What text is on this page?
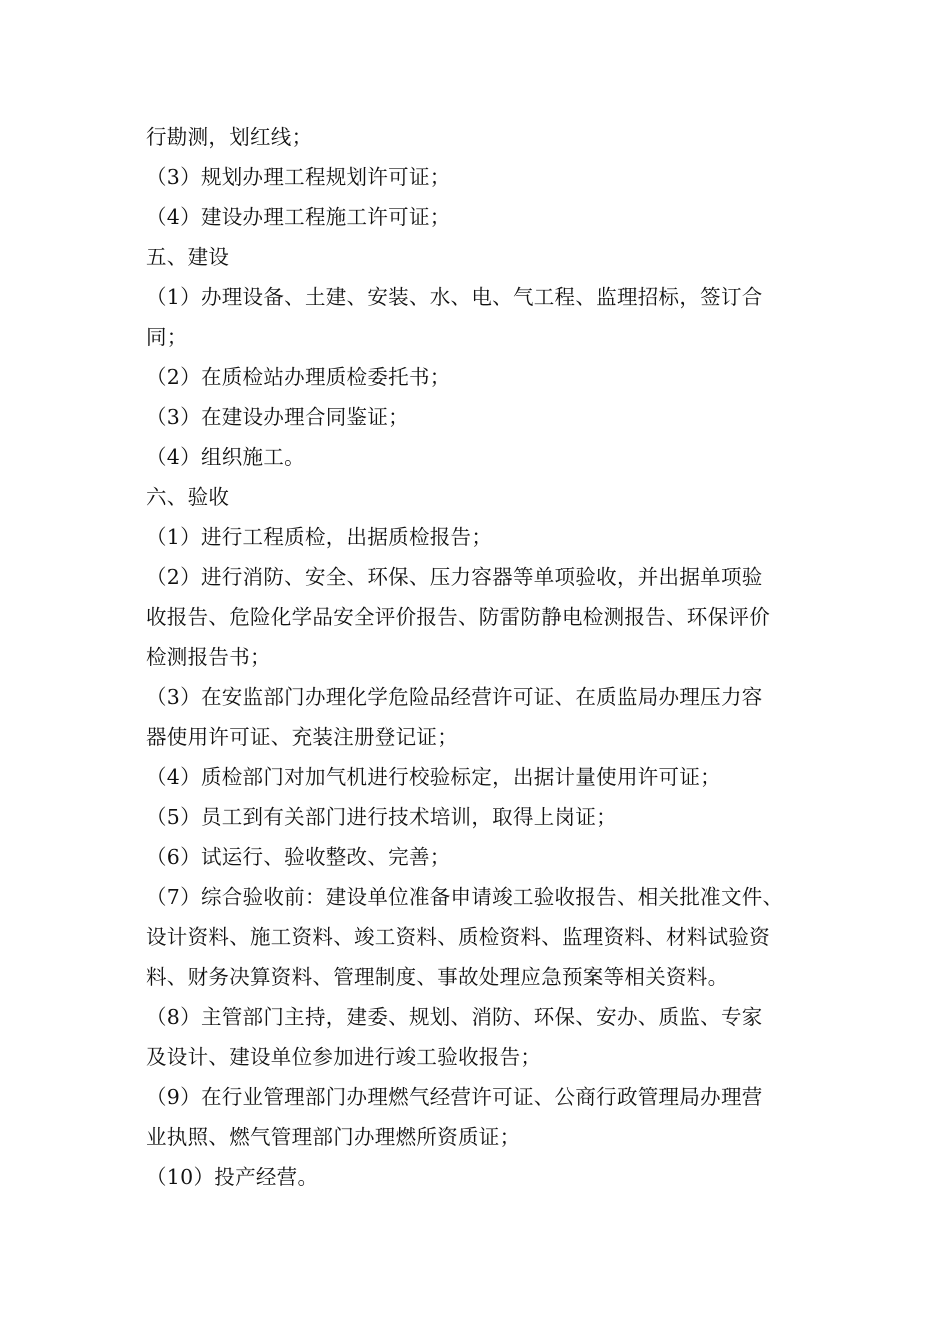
行勘测，划红线；
（3）规划办理工程规划许可证；
（4）建设办理工程施工许可证；
五、建设
（1）办理设备、土建、安装、水、电、气工程、监理招标，签订合
同；
（2）在质检站办理质检委托书；
（3）在建设办理合同鉴证；
（4）组织施工。
六、验收
（1）进行工程质检，出据质检报告；
（2）进行消防、安全、环保、压力容器等单项验收，并出据单项验
收报告、危险化学品安全评价报告、防雷防静电检测报告、环保评价
检测报告书；
（3）在安监部门办理化学危险品经营许可证、在质监局办理压力容
器使用许可证、充装注册登记证；
（4）质检部门对加气机进行校验标定，出据计量使用许可证；
（5）员工到有关部门进行技术培训，取得上岗证；
（6）试运行、验收整改、完善；
（7）综合验收前：建设单位准备申请竣工验收报告、相关批准文件、
设计资料、施工资料、竣工资料、质检资料、监理资料、材料试验资
料、财务决算资料、管理制度、事故处理应急预案等相关资料。
（8）主管部门主持，建委、规划、消防、环保、安办、质监、专家
及设计、建设单位参加进行竣工验收报告；
（9）在行业管理部门办理燃气经营许可证、公商行政管理局办理营
业执照、燃气管理部门办理燃所资质证；
（10）投产经营。
